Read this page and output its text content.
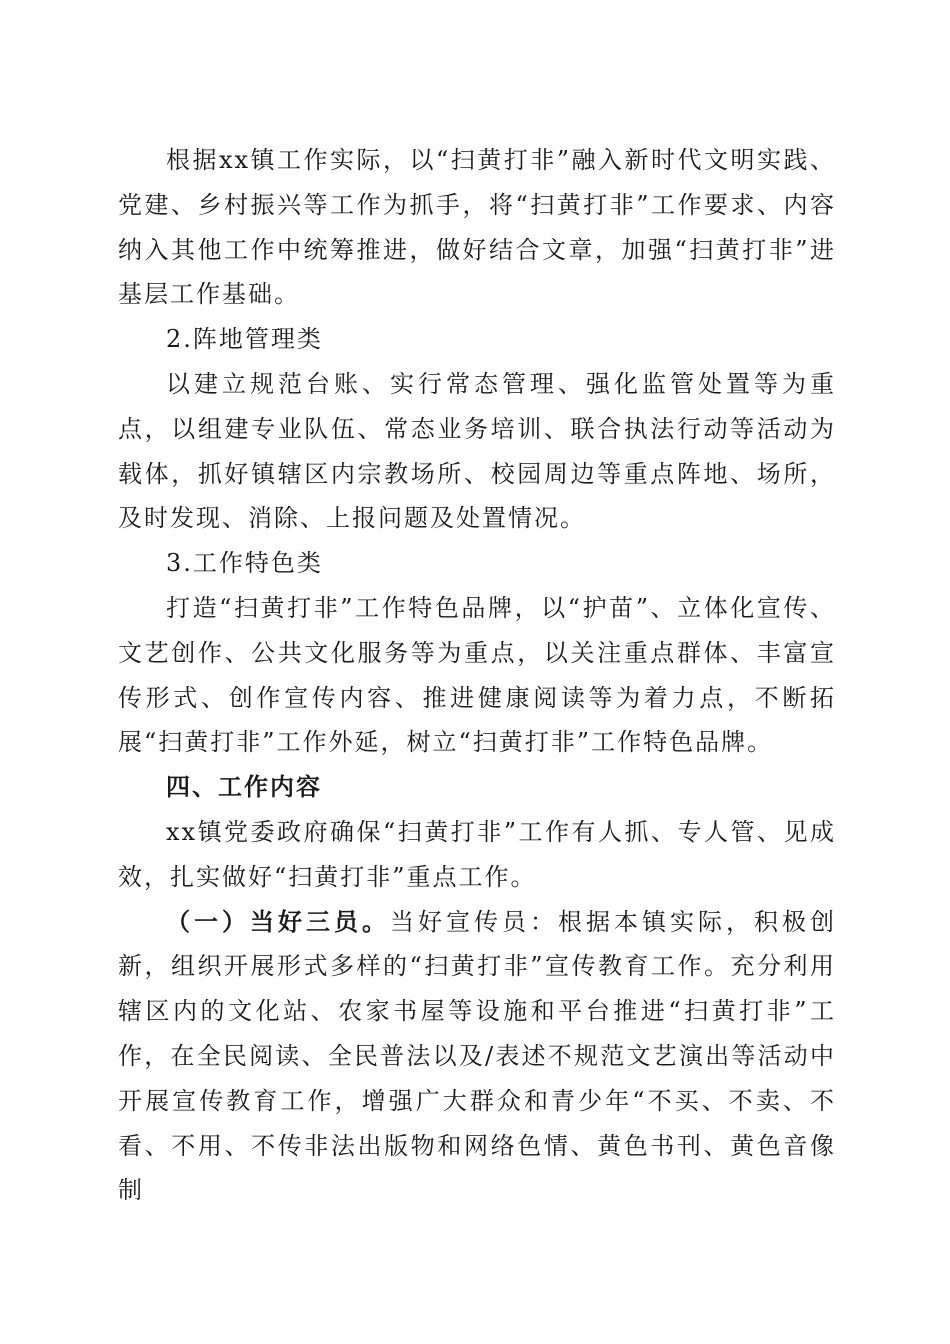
根据xx镇工作实际，以“扫黄打非”融入新时代文明实践、党建、乡村振兴等工作为抓手，将“扫黄打非”工作要求、内容纳入其他工作中统筹推进，做好结合文章，加强“扫黄打非”进基层工作基础。

2.阵地管理类

以建立规范台账、实行常态管理、强化监管处置等为重点，以组建专业队伍、常态业务培训、联合执法行动等活动为载体，抓好镇辖区内宗教场所、校园周边等重点阵地、场所，及时发现、消除、上报问题及处置情况。

3.工作特色类

打造“扫黄打非”工作特色品牌，以“护苗”、立体化宣传、文艺创作、公共文化服务等为重点，以关注重点群体、丰富宣传形式、创作宣传内容、推进健康阅读等为着力点，不断拓展“扫黄打非”工作外延，树立“扫黄打非”工作特色品牌。

四、工作内容

xx镇党委政府确保“扫黄打非”工作有人抓、专人管、见成效，扎实做好“扫黄打非”重点工作。

（一）当好三员。当好宣传员：根据本镇实际，积极创新，组织开展形式多样的“扫黄打非”宣传教育工作。充分利用辖区内的文化站、农家书屋等设施和平台推进“扫黄打非”工作，在全民阅读、全民普法以及/表述不规范文艺演出等活动中开展宣传教育工作，增强广大群众和青少年“不买、不卖、不看、不用、不传非法出版物和网络色情、黄色书刊、黄色音像制
